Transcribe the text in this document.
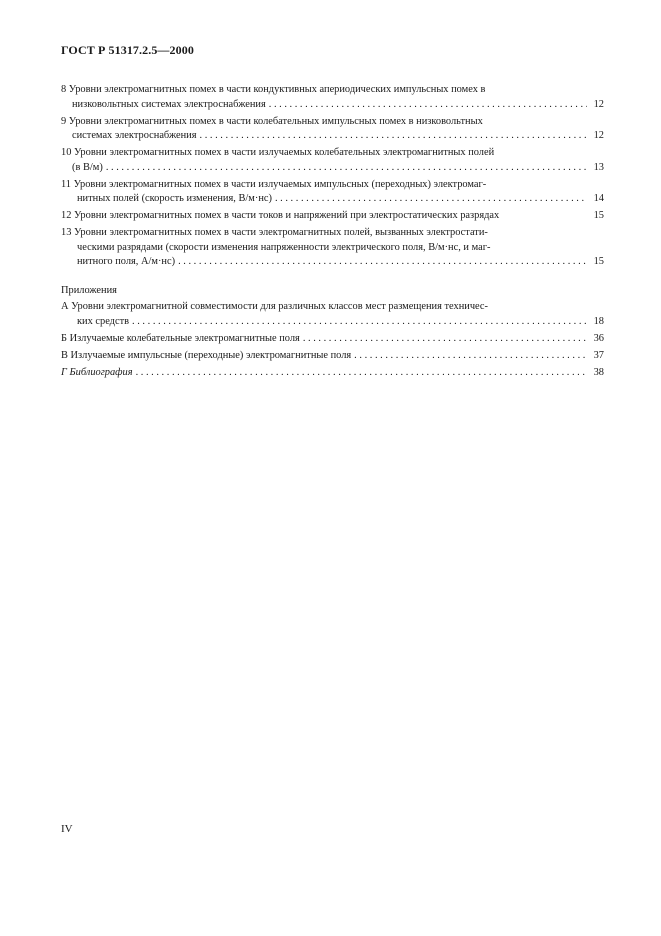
ГОСТ Р 51317.2.5—2000
8 Уровни электромагнитных помех в части кондуктивных апериодических импульсных помех в
низковольтных системах электроснабжения . . .	12
9 Уровни электромагнитных помех в части колебательных импульсных помех в низковольтных
системах электроснабжения . . .	12
10 Уровни электромагнитных помех в части излучаемых колебательных электромагнитных полей
(в В/м) . . .	13
11 Уровни электромагнитных помех в части излучаемых импульсных (переходных) электромаг-
нитных полей (скорость изменения, В/м·нс) . . .	14
12 Уровни электромагнитных помех в части токов и напряжений при электростатических разрядах	15
13 Уровни электромагнитных помех в части электромагнитных полей, вызванных электростати-
ческими разрядами (скорости изменения напряженности электрического поля, В/м·нс, и маг-
нитного поля, А/м·нс) . . .	15
Приложения
А Уровни электромагнитной совместимости для различных классов мест размещения техничес-
ких средств . . .	18
Б Излучаемые колебательные электромагнитные поля . . .	36
В Излучаемые импульсные (переходные) электромагнитные поля . . .	37
Г Библиография . . .	38
IV
